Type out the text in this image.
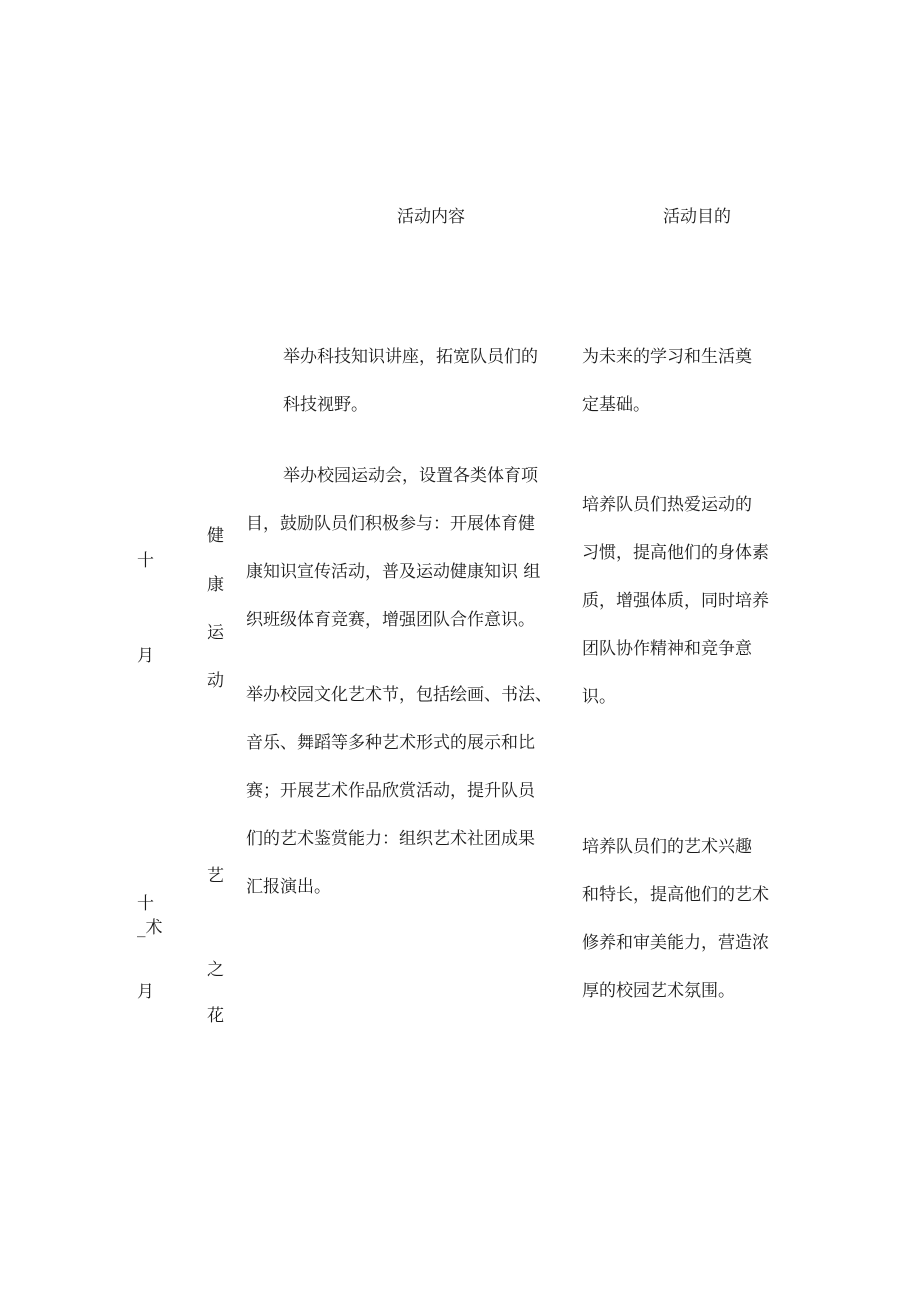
活动内容	活动目的
举办科技知识讲座，拓宽队员们的
科技视野。
为未来的学习和生活奠
定基础。
十
月
健
康
运
动
举办校园运动会，设置各类体育项
目，鼓励队员们积极参与：开展体育健
康知识宣传活动，普及运动健康知识 组
织班级体育竞赛，增强团队合作意识。
培养队员们热爱运动的
习惯，提高他们的身体素
质，增强体质，同时培养
团队协作精神和竞争意
识。
举办校园文化艺术节，包括绘画、书法、
音乐、舞蹈等多种艺术形式的展示和比
赛；开展艺术作品欣赏活动，提升队员
们的艺术鉴赏能力：组织艺术社团成果
汇报演出。
艺
之
花
十
_术
月
培养队员们的艺术兴趣
和特长，提高他们的艺术
修养和审美能力，营造浓
厚的校园艺术氛围。
